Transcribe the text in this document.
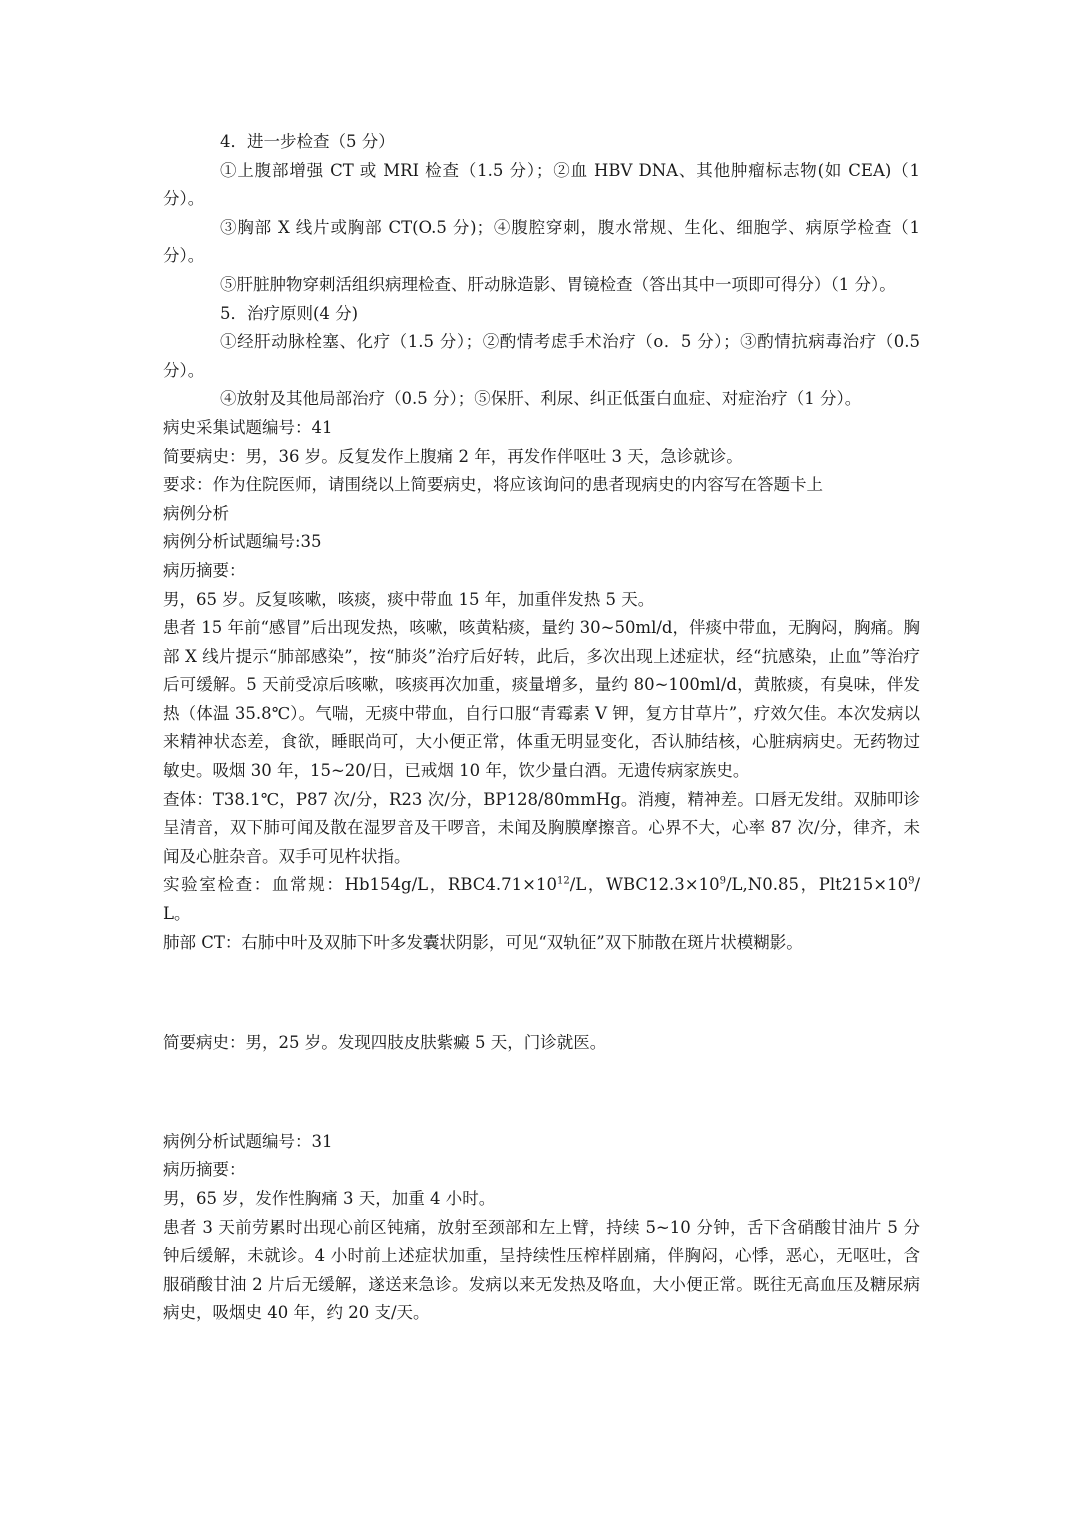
4．进一步检查（5 分）

①上腹部增强 CT 或 MRI 检查（1.5 分）；②血 HBV DNA、其他肿瘤标志物(如 CEA)（1 分）。

③胸部 X 线片或胸部 CT(O.5 分)；④腹腔穿刺，腹水常规、生化、细胞学、病原学检查（1 分）。

⑤肝脏肿物穿刺活组织病理检查、肝动脉造影、胃镜检查（答出其中一项即可得分）（1 分）。

5．治疗原则(4 分)

①经肝动脉栓塞、化疗（1.5 分）；②酌情考虑手术治疗（o．5 分）；③酌情抗病毒治疗（0.5 分）。

④放射及其他局部治疗（0.5 分）；⑤保肝、利尿、纠正低蛋白血症、对症治疗（1 分）。

病史采集试题编号：41

简要病史：男，36 岁。反复发作上腹痛 2 年，再发作伴呕吐 3 天，急诊就诊。

要求：作为住院医师，请围绕以上简要病史，将应该询问的患者现病史的内容写在答题卡上

病例分析

病例分析试题编号:35

病历摘要：

男，65 岁。反复咳嗽，咳痰，痰中带血 15 年，加重伴发热 5 天。

患者 15 年前“感冒”后出现发热，咳嗽，咳黄粘痰，量约 30~50ml/d，伴痰中带血，无胸闷，胸痛。胸部 X 线片提示“肺部感染”，按“肺炎”治疗后好转，此后，多次出现上述症状，经“抗感染，止血”等治疗后可缓解。5 天前受凉后咳嗽，咳痰再次加重，痰量增多，量约 80~100ml/d，黄脓痰，有臭味，伴发热（体温 35.8℃）。气喘，无痰中带血，自行口服“青霉素 V 钾，复方甘草片”，疗效欠佳。本次发病以来精神状态差，食欲，睡眠尚可，大小便正常，体重无明显变化，否认肺结核，心脏病病史。无药物过敏史。吸烟 30 年，15~20/日，已戒烟 10 年，饮少量白酒。无遗传病家族史。

查体：T38.1℃，P87 次/分，R23 次/分，BP128/80mmHg。消瘦，精神差。口唇无发绀。双肺叩诊呈清音，双下肺可闻及散在湿罗音及干啰音，未闻及胸膜摩擦音。心界不大，心率 87 次/分，律齐，未闻及心脏杂音。双手可见杵状指。

实验室检查：血常规：Hb154g/L，$RBC4.71\times 10^{12}/L$，$WBC12.3\times 10^9/L,N0.85$，$Plt215\times 10^9/L$。

肺部 CT：右肺中叶及双肺下叶多发囊状阴影，可见“双轨征”双下肺散在斑片状模糊影。

简要病史：男，25 岁。发现四肢皮肤紫癜 5 天，门诊就医。

病例分析试题编号：31

病历摘要：

男，65 岁，发作性胸痛 3 天，加重 4 小时。

患者 3 天前劳累时出现心前区钝痛，放射至颈部和左上臂，持续 5~10 分钟，舌下含硝酸甘油片 5 分钟后缓解，未就诊。4 小时前上述症状加重，呈持续性压榨样剧痛，伴胸闷，心悸，恶心，无呕吐，含服硝酸甘油 2 片后无缓解，遂送来急诊。发病以来无发热及咯血，大小便正常。既往无高血压及糖尿病病史，吸烟史 40 年，约 20 支/天。
